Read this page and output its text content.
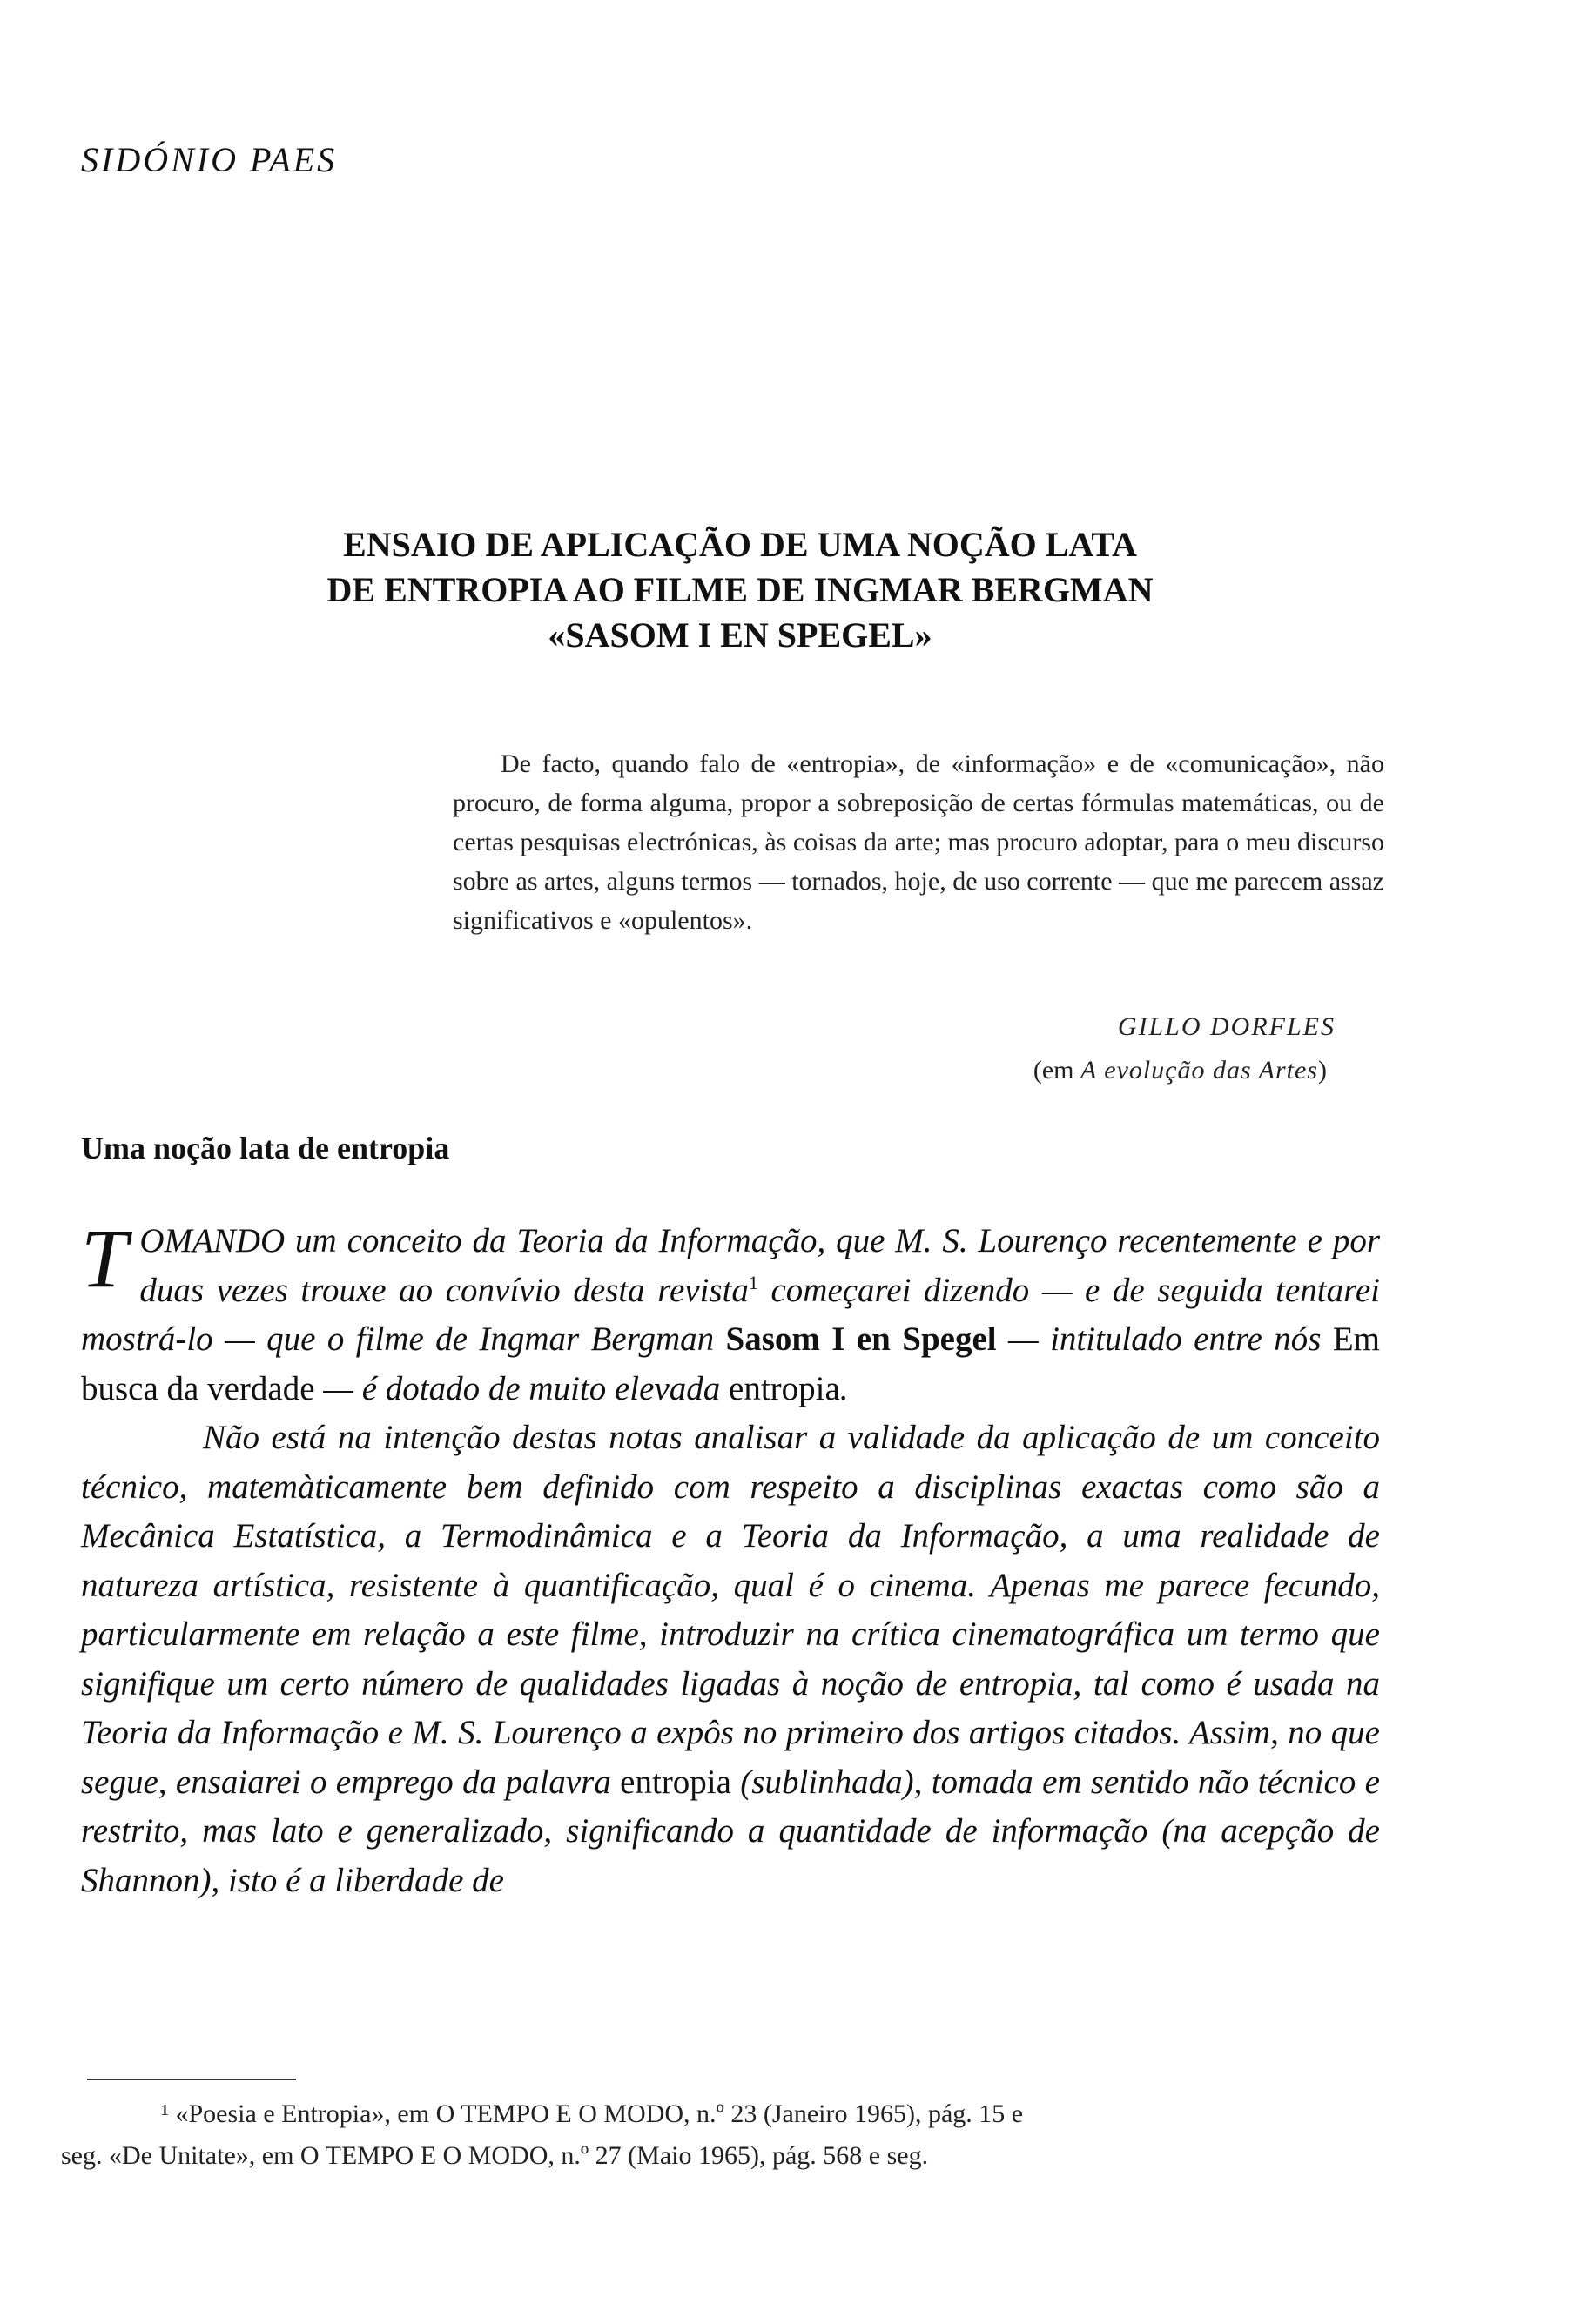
SIDÓNIO PAES
ENSAIO DE APLICAÇÃO DE UMA NOÇÃO LATA
DE ENTROPIA AO FILME DE INGMAR BERGMAN
«SASOM I EN SPEGEL»

De facto, quando falo de «entropia», de «informação» e de «comunicação», não procuro, de forma alguma, propor a sobreposição de certas fórmulas matemáticas, ou de certas pesquisas electrónicas, às coisas da arte; mas procuro adoptar, para o meu discurso sobre as artes, alguns termos — tornados, hoje, de uso corrente — que me parecem assaz significativos e «opulentos».

GILLO DORFLES
(em A evolução das Artes)
Uma noção lata de entropia

TOMANDO um conceito da Teoria da Informação, que M. S. Lourenço recentemente e por duas vezes trouxe ao convívio desta revista$^1$ começarei dizendo — e de seguida tentarei mostrá-lo — que o filme de Ingmar Bergman Sasom I en Spegel — intitulado entre nós Em busca da verdade — é dotado de muito elevada entropia.

Não está na intenção destas notas analisar a validade da aplicação de um conceito técnico, matemàticamente bem definido com respeito a disciplinas exactas como são a Mecânica Estatística, a Termodinâmica e a Teoria da Informação, a uma realidade de natureza artística, resistente à quantificação, qual é o cinema. Apenas me parece fecundo, particularmente em relação a este filme, introduzir na crítica cinematográfica um termo que signifique um certo número de qualidades ligadas à noção de entropia, tal como é usada na Teoria da Informação e M. S. Lourenço a expôs no primeiro dos artigos citados. Assim, no que segue, ensaiarei o emprego da palavra entropia (sublinhada), tomada em sentido não técnico e restrito, mas lato e generalizado, significando a quantidade de informação (na acepção de Shannon), isto é a liberdade de

¹ «Poesia e Entropia», em O TEMPO E O MODO, n.º 23 (Janeiro 1965), pág. 15 e
seg. «De Unitate», em O TEMPO E O MODO, n.º 27 (Maio 1965), pág. 568 e seg.
